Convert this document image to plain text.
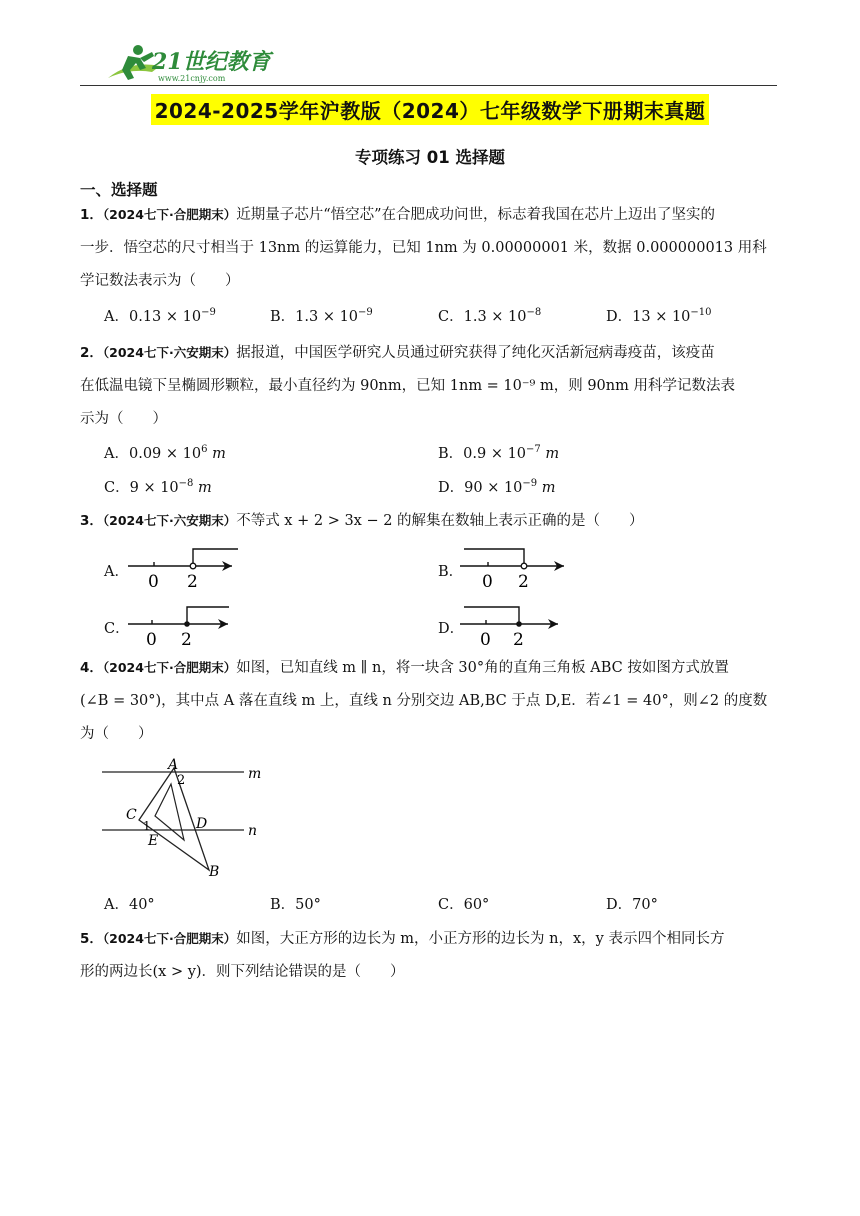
21世纪教育
www.21cnjy.com
2024-2025学年沪教版（2024）七年级数学下册期末真题
专项练习 01 选择题
一、选择题
1．（2024七下·合肥期末）近期量子芯片“悟空芯”在合肥成功问世，标志着我国在芯片上迈出了坚实的
一步．悟空芯的尺寸相当于 13nm 的运算能力，已知 1nm 为 0.00000001 米，数据 0.000000013 用科
学记数法表示为（　　）
A．$0.13 \times 10^{-9}$	B．$1.3 \times 10^{-9}$	C．$1.3 \times 10^{-8}$	D．$13 \times 10^{-10}$
2．（2024七下·六安期末）据报道，中国医学研究人员通过研究获得了纯化灭活新冠病毒疫苗，该疫苗
在低温电镜下呈椭圆形颗粒，最小直径约为 90nm，已知 1nm = 10⁻⁹ m，则 90nm 用科学记数法表
示为（　　）
A．$0.09 \times 10^6$ m	B．$0.9 \times 10^{-7}$ m
C．$9 \times 10^{-8}$ m	D．$90 \times 10^{-9}$ m
3．（2024七下·六安期末）不等式 x + 2 > 3x − 2 的解集在数轴上表示正确的是（　　）
A． 0 2	B． 0 2
C．
0 2
D．
0 2
4．（2024七下·合肥期末）如图，已知直线 m ∥ n，将一块含 30°角的直角三角板 ABC 按如图方式放置
(∠B = 30°)，其中点 A 落在直线 m 上，直线 n 分别交边 AB,BC 于点 D,E．若∠1 = 40°，则∠2 的度数
为（　　）
A
2	m
n
C
1
E
D
B
A．40°	B．50°	C．60°	D．70°
5．（2024七下·合肥期末）如图，大正方形的边长为 m，小正方形的边长为 n，x，y 表示四个相同长方
形的两边长(x > y)．则下列结论错误的是（　　）
